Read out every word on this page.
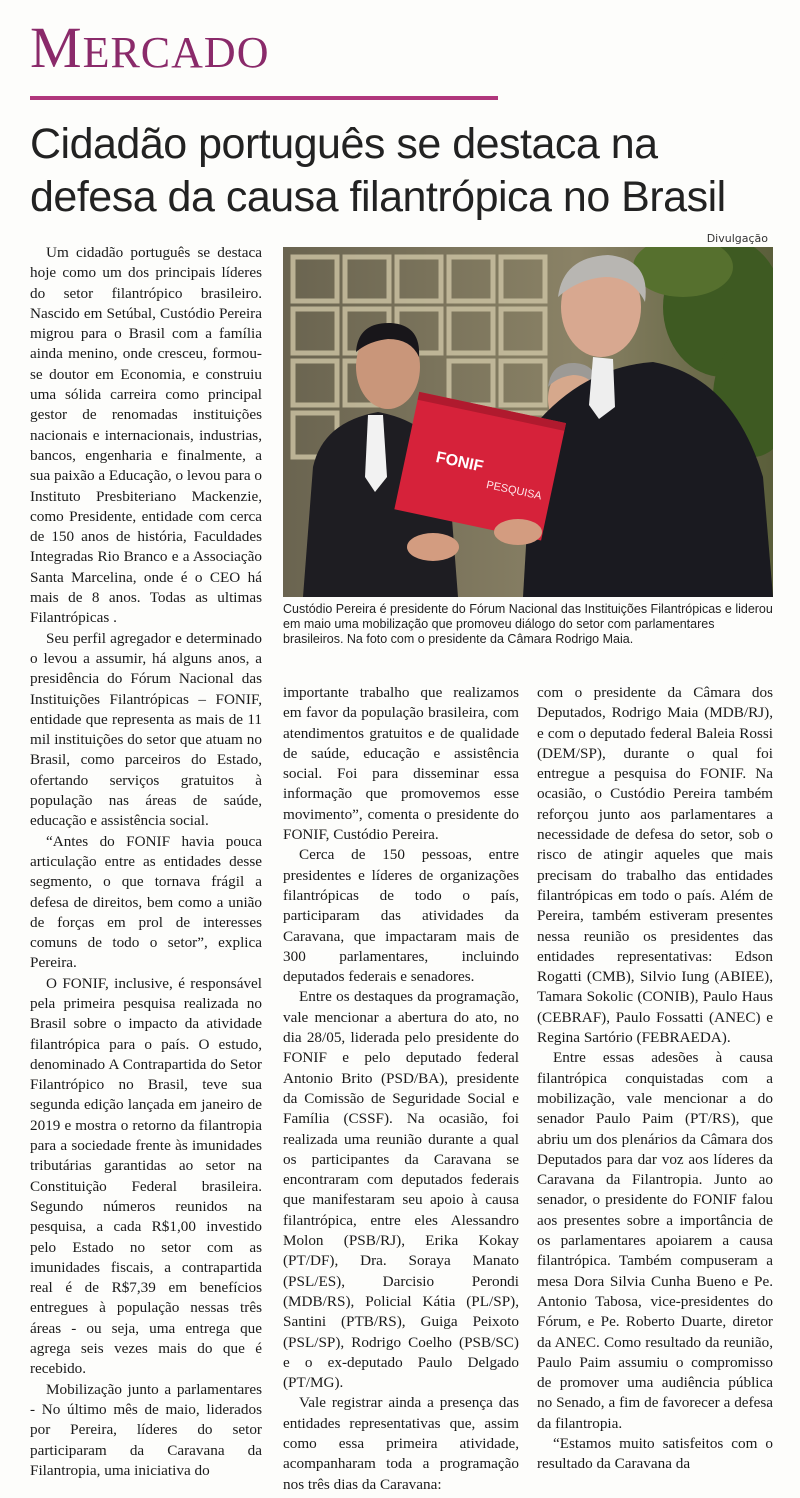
MERCADO
Cidadão português se destaca na defesa da causa filantrópica no Brasil
Divulgação
FONIF
PESQUISA
Custódio Pereira é presidente do Fórum Nacional das Instituições Filantrópicas e liderou em maio uma mobilização que promoveu diálogo do setor com parlamentares brasileiros. Na foto com o presidente da Câmara Rodrigo Maia.

Um cidadão português se destaca hoje como um dos principais líderes do setor filantrópico brasileiro. Nascido em Setúbal, Custódio Pereira migrou para o Brasil com a família ainda menino, onde cresceu, formou-se doutor em Economia, e construiu uma sólida carreira como principal gestor de renomadas instituições nacionais e internacionais, industrias, bancos, engenharia e finalmente, a sua paixão a Educação, o levou para o Instituto Presbiteriano Mackenzie, como Presidente, entidade com cerca de 150 anos de história, Faculdades Integradas Rio Branco e a Associação Santa Marcelina, onde é o CEO há mais de 8 anos. Todas as ultimas Filantrópicas .

Seu perfil agregador e determinado o levou a assumir, há alguns anos, a presidência do Fórum Nacional das Instituições Filantrópicas – FONIF, entidade que representa as mais de 11 mil instituições do setor que atuam no Brasil, como parceiros do Estado, ofertando serviços gratuitos à população nas áreas de saúde, educação e assistência social.

“Antes do FONIF havia pouca articulação entre as entidades desse segmento, o que tornava frágil a defesa de direitos, bem como a união de forças em prol de interesses comuns de todo o setor”, explica Pereira.

O FONIF, inclusive, é responsável pela primeira pesquisa realizada no Brasil sobre o impacto da atividade filantrópica para o país. O estudo, denominado A Contrapartida do Setor Filantrópico no Brasil, teve sua segunda edição lançada em janeiro de 2019 e mostra o retorno da filantropia para a sociedade frente às imunidades tributárias garantidas ao setor na Constituição Federal brasileira. Segundo números reunidos na pesquisa, a cada R$1,00 investido pelo Estado no setor com as imunidades fiscais, a contrapartida real é de R$7,39 em benefícios entregues à população nessas três áreas - ou seja, uma entrega que agrega seis vezes mais do que é recebido.

Mobilização junto a parlamentares - No último mês de maio, liderados por Pereira, líderes do setor participaram da Caravana da Filantropia, uma iniciativa do

importante trabalho que realizamos em favor da população brasileira, com atendimentos gratuitos e de qualidade de saúde, educação e assistência social. Foi para disseminar essa informação que promovemos esse movimento”, comenta o presidente do FONIF, Custódio Pereira.

Cerca de 150 pessoas, entre presidentes e líderes de organizações filantrópicas de todo o país, participaram das atividades da Caravana, que impactaram mais de 300 parlamentares, incluindo deputados federais e senadores.

Entre os destaques da programação, vale mencionar a abertura do ato, no dia 28/05, liderada pelo presidente do FONIF e pelo deputado federal Antonio Brito (PSD/BA), presidente da Comissão de Seguridade Social e Família (CSSF). Na ocasião, foi realizada uma reunião durante a qual os participantes da Caravana se encontraram com deputados federais que manifestaram seu apoio à causa filantrópica, entre eles Alessandro Molon (PSB/RJ), Erika Kokay (PT/DF), Dra. Soraya Manato (PSL/ES), Darcisio Perondi (MDB/RS), Policial Kátia (PL/SP), Santini (PTB/RS), Guiga Peixoto (PSL/SP), Rodrigo Coelho (PSB/SC) e o ex-deputado Paulo Delgado (PT/MG).

Vale registrar ainda a presença das entidades representativas que, assim como essa primeira atividade, acompanharam toda a programação nos três dias da Caravana:

com o presidente da Câmara dos Deputados, Rodrigo Maia (MDB/RJ), e com o deputado federal Baleia Rossi (DEM/SP), durante o qual foi entregue a pesquisa do FONIF. Na ocasião, o Custódio Pereira também reforçou junto aos parlamentares a necessidade de defesa do setor, sob o risco de atingir aqueles que mais precisam do trabalho das entidades filantrópicas em todo o país. Além de Pereira, também estiveram presentes nessa reunião os presidentes das entidades representativas: Edson Rogatti (CMB), Silvio Iung (ABIEE), Tamara Sokolic (CONIB), Paulo Haus (CEBRAF), Paulo Fossatti (ANEC) e Regina Sartório (FEBRAEDA).

Entre essas adesões à causa filantrópica conquistadas com a mobilização, vale mencionar a do senador Paulo Paim (PT/RS), que abriu um dos plenários da Câmara dos Deputados para dar voz aos líderes da Caravana da Filantropia. Junto ao senador, o presidente do FONIF falou aos presentes sobre a importância de os parlamentares apoiarem a causa filantrópica. Também compuseram a mesa Dora Silvia Cunha Bueno e Pe. Antonio Tabosa, vice-presidentes do Fórum, e Pe. Roberto Duarte, diretor da ANEC. Como resultado da reunião, Paulo Paim assumiu o compromisso de promover uma audiência pública no Senado, a fim de favorecer a defesa da filantropia.

“Estamos muito satisfeitos com o resultado da Caravana da
